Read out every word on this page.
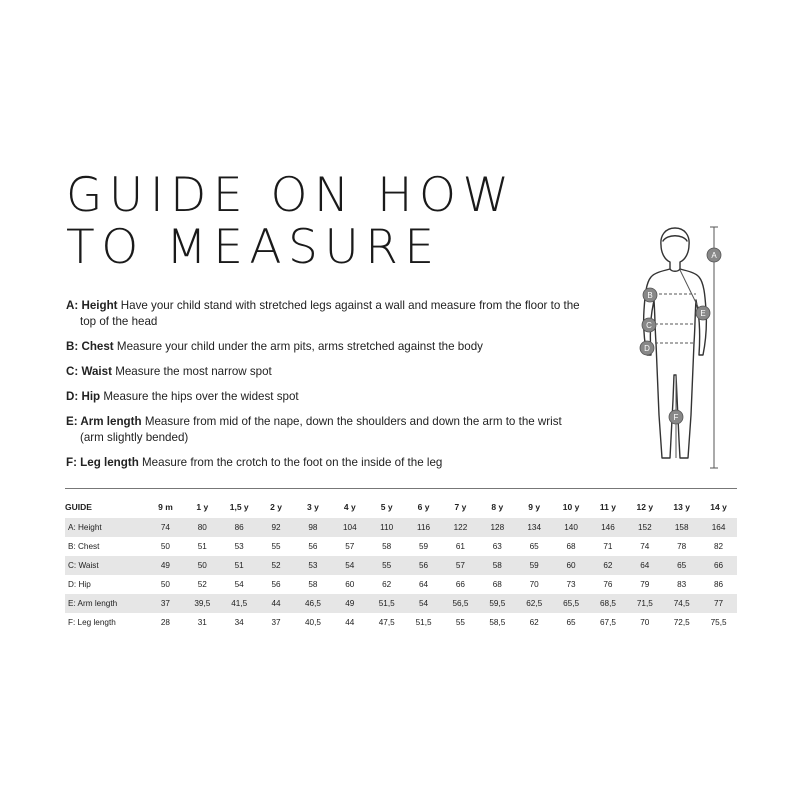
GUIDE ON HOW
TO MEASURE
A: Height Have your child stand with stretched legs against a wall and measure from the floor to the top of the head
B: Chest Measure your child under the arm pits, arms stretched against the body
C: Waist Measure the most narrow spot
D: Hip Measure the hips over the widest spot
E: Arm length Measure from mid of the nape, down the shoulders and down the arm to the wrist (arm slightly bended)
F: Leg length Measure from the crotch to the foot on the inside of the leg
A
B
C
D
E
F
GUIDE	9 m	1 y	1,5 y	2 y	3 y	4 y	5 y	6 y	7 y	8 y	9 y	10 y	11 y	12 y	13 y	14 y
A: Height	74	80	86	92	98	104	110	116	122	128	134	140	146	152	158	164
B: Chest	50	51	53	55	56	57	58	59	61	63	65	68	71	74	78	82
C: Waist	49	50	51	52	53	54	55	56	57	58	59	60	62	64	65	66
D: Hip	50	52	54	56	58	60	62	64	66	68	70	73	76	79	83	86
E: Arm length	37	39,5	41,5	44	46,5	49	51,5	54	56,5	59,5	62,5	65,5	68,5	71,5	74,5	77
F: Leg length	28	31	34	37	40,5	44	47,5	51,5	55	58,5	62	65	67,5	70	72,5	75,5
